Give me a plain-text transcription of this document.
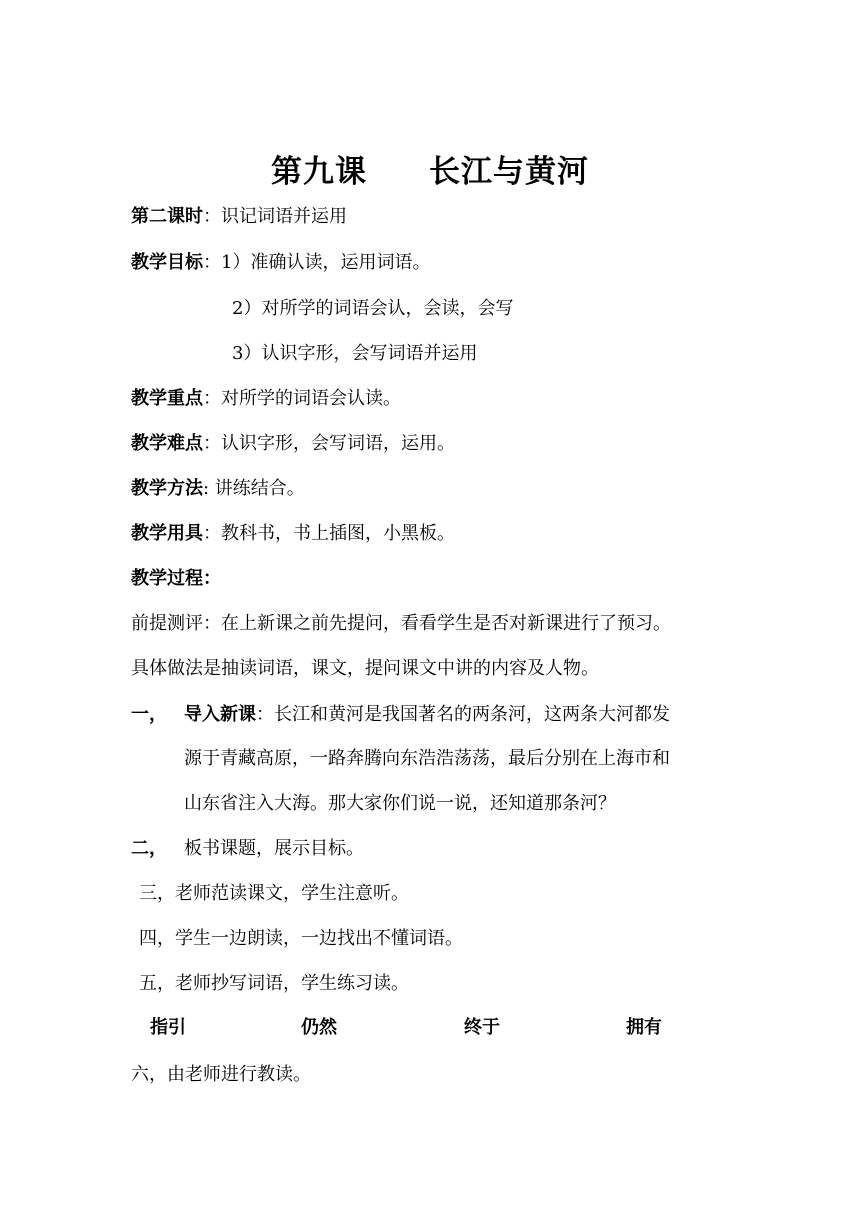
第九课 长江与黄河
第二课时：识记词语并运用
教学目标：1）准确认读，运用词语。
2）对所学的词语会认，会读，会写
3）认识字形，会写词语并运用
教学重点：对所学的词语会认读。
教学难点：认识字形，会写词语，运用。
教学方法: 讲练结合。
教学用具：教科书，书上插图，小黑板。
教学过程：
前提测评：在上新课之前先提问，看看学生是否对新课进行了预习。
具体做法是抽读词语，课文，提问课文中讲的内容及人物。
一， 导入新课：长江和黄河是我国著名的两条河，这两条大河都发
源于青藏高原，一路奔腾向东浩浩荡荡，最后分别在上海市和
山东省注入大海。那大家你们说一说，还知道那条河？
二， 板书课题，展示目标。
三，老师范读课文，学生注意听。
四，学生一边朗读，一边找出不懂词语。
五，老师抄写词语，学生练习读。
指引	仍然	终于	拥有
六，由老师进行教读。
